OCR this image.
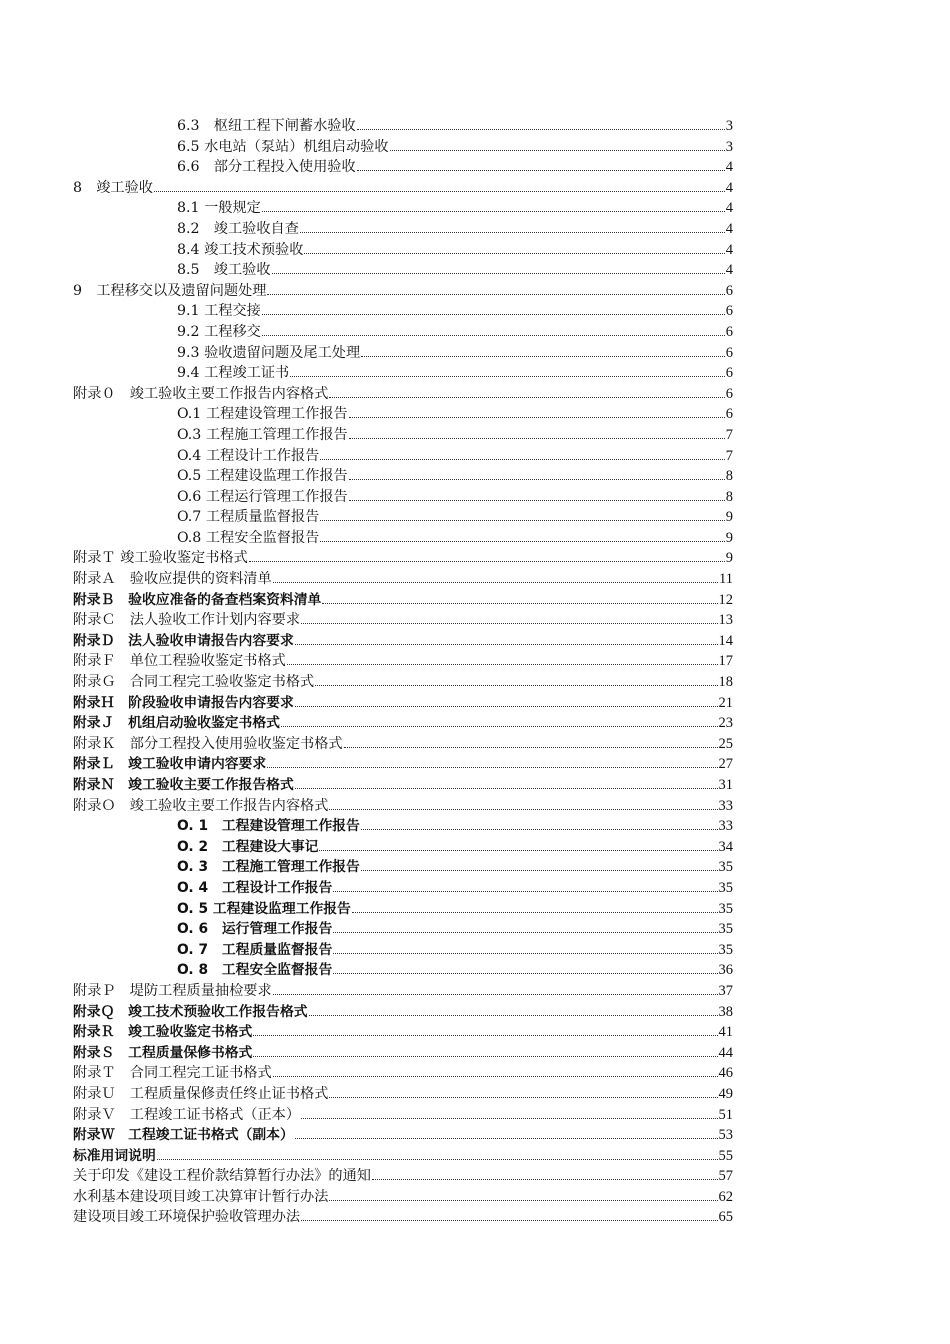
6.3　枢纽工程下闸蓄水验收	3
6.5 水电站（泵站）机组启动验收	3
6.6　部分工程投入使用验收	4
8　竣工验收	4
8.1 一般规定	4
8.2　竣工验收自查	4
8.4 竣工技术预验收	4
8.5　竣工验收	4
9　工程移交以及遗留问题处理	6
9.1 工程交接	6
9.2 工程移交	6
9.3 验收遗留问题及尾工处理	6
9.4 工程竣工证书	6
附录０　竣工验收主要工作报告内容格式	6
O.1 工程建设管理工作报告	6
O.3 工程施工管理工作报告	7
O.4 工程设计工作报告	7
O.5 工程建设监理工作报告	8
O.6 工程运行管理工作报告	8
O.7 工程质量监督报告	9
O.8 工程安全监督报告	9
附录Ｔ 竣工验收鉴定书格式	9
附录Ａ　验收应提供的资料清单	11
附录Ｂ　验收应准备的备查档案资料清单	12
附录Ｃ　法人验收工作计划内容要求	13
附录Ｄ　法人验收申请报告内容要求	14
附录Ｆ　单位工程验收鉴定书格式	17
附录Ｇ　合同工程完工验收鉴定书格式	18
附录Ｈ　阶段验收申请报告内容要求	21
附录Ｊ　机组启动验收鉴定书格式	23
附录Ｋ　部分工程投入使用验收鉴定书格式	25
附录Ｌ　竣工验收申请内容要求	27
附录Ｎ　竣工验收主要工作报告格式	31
附录Ｏ　竣工验收主要工作报告内容格式	33
O. 1　工程建设管理工作报告	33
O. 2　工程建设大事记	34
O. 3　工程施工管理工作报告	35
O. 4　工程设计工作报告	35
O. 5 工程建设监理工作报告	35
O. 6　运行管理工作报告	35
O. 7　工程质量监督报告	35
O. 8　工程安全监督报告	36
附录Ｐ　堤防工程质量抽检要求	37
附录Ｑ　竣工技术预验收工作报告格式	38
附录Ｒ　竣工验收鉴定书格式	41
附录Ｓ　工程质量保修书格式	44
附录Ｔ　合同工程完工证书格式	46
附录Ｕ　工程质量保修责任终止证书格式	49
附录Ｖ　工程竣工证书格式（正本）	51
附录Ｗ　工程竣工证书格式（副本）	53
标准用词说明	55
关于印发《建设工程价款结算暂行办法》的通知	57
水利基本建设项目竣工决算审计暂行办法	62
建设项目竣工环境保护验收管理办法	65
